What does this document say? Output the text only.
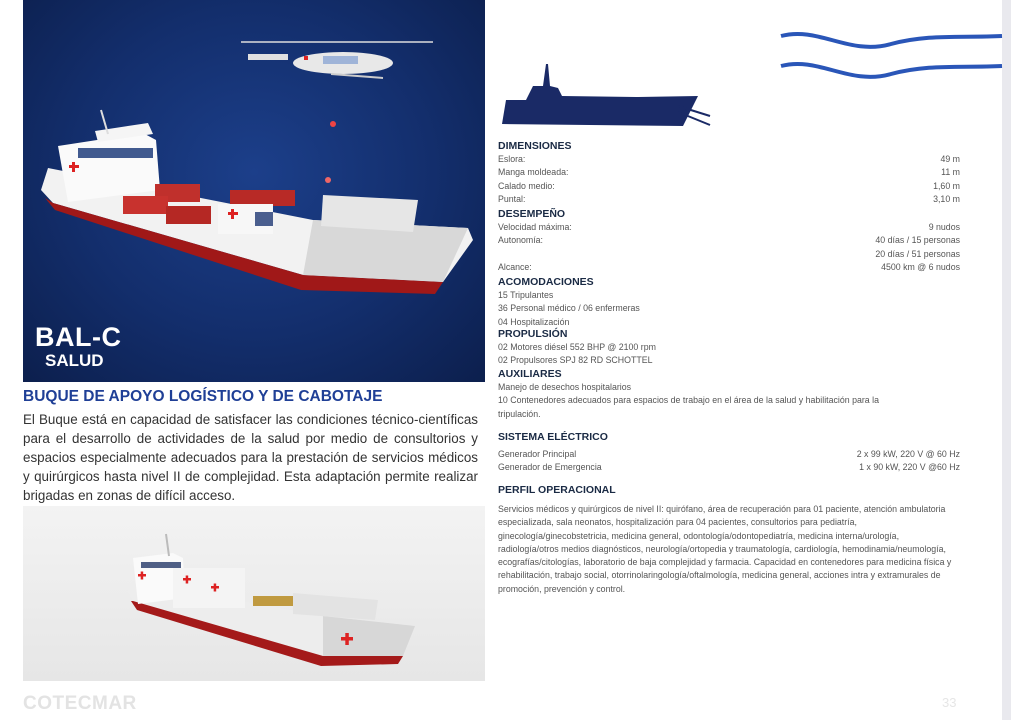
BAL-C
SALUD
BUQUE DE APOYO LOGÍSTICO Y DE CABOTAJE
El Buque está en capacidad de satisfacer las condiciones técnico-científicas para el desarrollo de actividades de la salud por medio de consultorios y espacios especialmente adecuados para la prestación de servicios médicos y quirúrgicos hasta nivel II de complejidad. Esta adaptación permite realizar brigadas en zonas de difícil acceso.
COTECMAR	33
DIMENSIONES
Eslora:	49 m
Manga moldeada:	11 m
Calado medio:	1,60 m
Puntal:	3,10 m
DESEMPEÑO
Velocidad máxima:	9 nudos
Autonomía:	40 días / 15 personas
20 días / 51 personas
Alcance:	4500 km @ 6 nudos
ACOMODACIONES
15 Tripulantes
36 Personal médico / 06 enfermeras
04 Hospitalización
PROPULSIÓN
02 Motores diésel 552 BHP @ 2100 rpm
02 Propulsores SPJ 82 RD SCHOTTEL
AUXILIARES
Manejo de desechos hospitalarios
10 Contenedores adecuados para espacios de trabajo en el área de la salud y habilitación para la tripulación.
SISTEMA ELÉCTRICO
Generador Principal	2 x 99 kW, 220 V @ 60 Hz
Generador de Emergencia	1 x 90 kW, 220 V @60 Hz
PERFIL OPERACIONAL
Servicios médicos y quirúrgicos de nivel II: quirófano, área de recuperación para 01 paciente, atención ambulatoria especializada, sala neonatos, hospitalización para 04 pacientes, consultorios para pediatría, ginecología/ginecobstetricia, medicina general, odontología/odontopediatría, medicina interna/urología, radiología/otros medios diagnósticos, neurología/ortopedia y traumatología, cardiología, hemodinamia/neumología, ecografías/citologías, laboratorio de baja complejidad y farmacia. Capacidad en contenedores para medicina física y rehabilitación, trabajo social, otorrinolaringología/oftalmología, medicina general, acciones intra y extramurales de promoción, prevención y control.
